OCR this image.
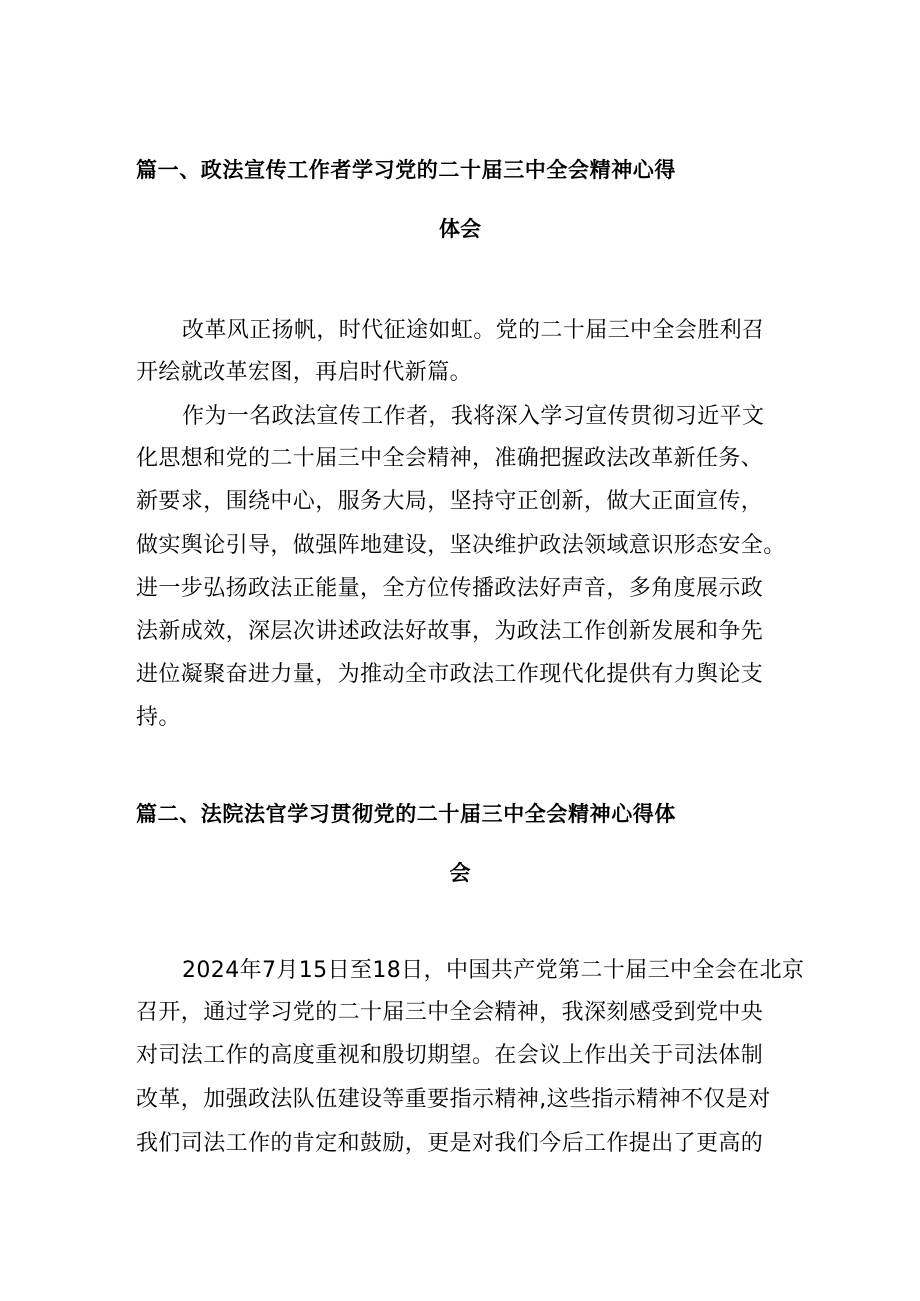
篇一、政法宣传工作者学习党的二十届三中全会精神心得
体会
改革风正扬帆，时代征途如虹。党的二十届三中全会胜利召
开绘就改革宏图，再启时代新篇。
作为一名政法宣传工作者，我将深入学习宣传贯彻习近平文
化思想和党的二十届三中全会精神，准确把握政法改革新任务、
新要求，围绕中心，服务大局，坚持守正创新，做大正面宣传，
做实舆论引导，做强阵地建设，坚决维护政法领域意识形态安全。
进一步弘扬政法正能量，全方位传播政法好声音，多角度展示政
法新成效，深层次讲述政法好故事，为政法工作创新发展和争先
进位凝聚奋进力量，为推动全市政法工作现代化提供有力舆论支
持。
篇二、法院法官学习贯彻党的二十届三中全会精神心得体
会
2024年7月15日至18日，中国共产党第二十届三中全会在北京
召开，通过学习党的二十届三中全会精神，我深刻感受到党中央
对司法工作的高度重视和殷切期望。在会议上作出关于司法体制
改革，加强政法队伍建设等重要指示精神,这些指示精神不仅是对
我们司法工作的肯定和鼓励，更是对我们今后工作提出了更高的
